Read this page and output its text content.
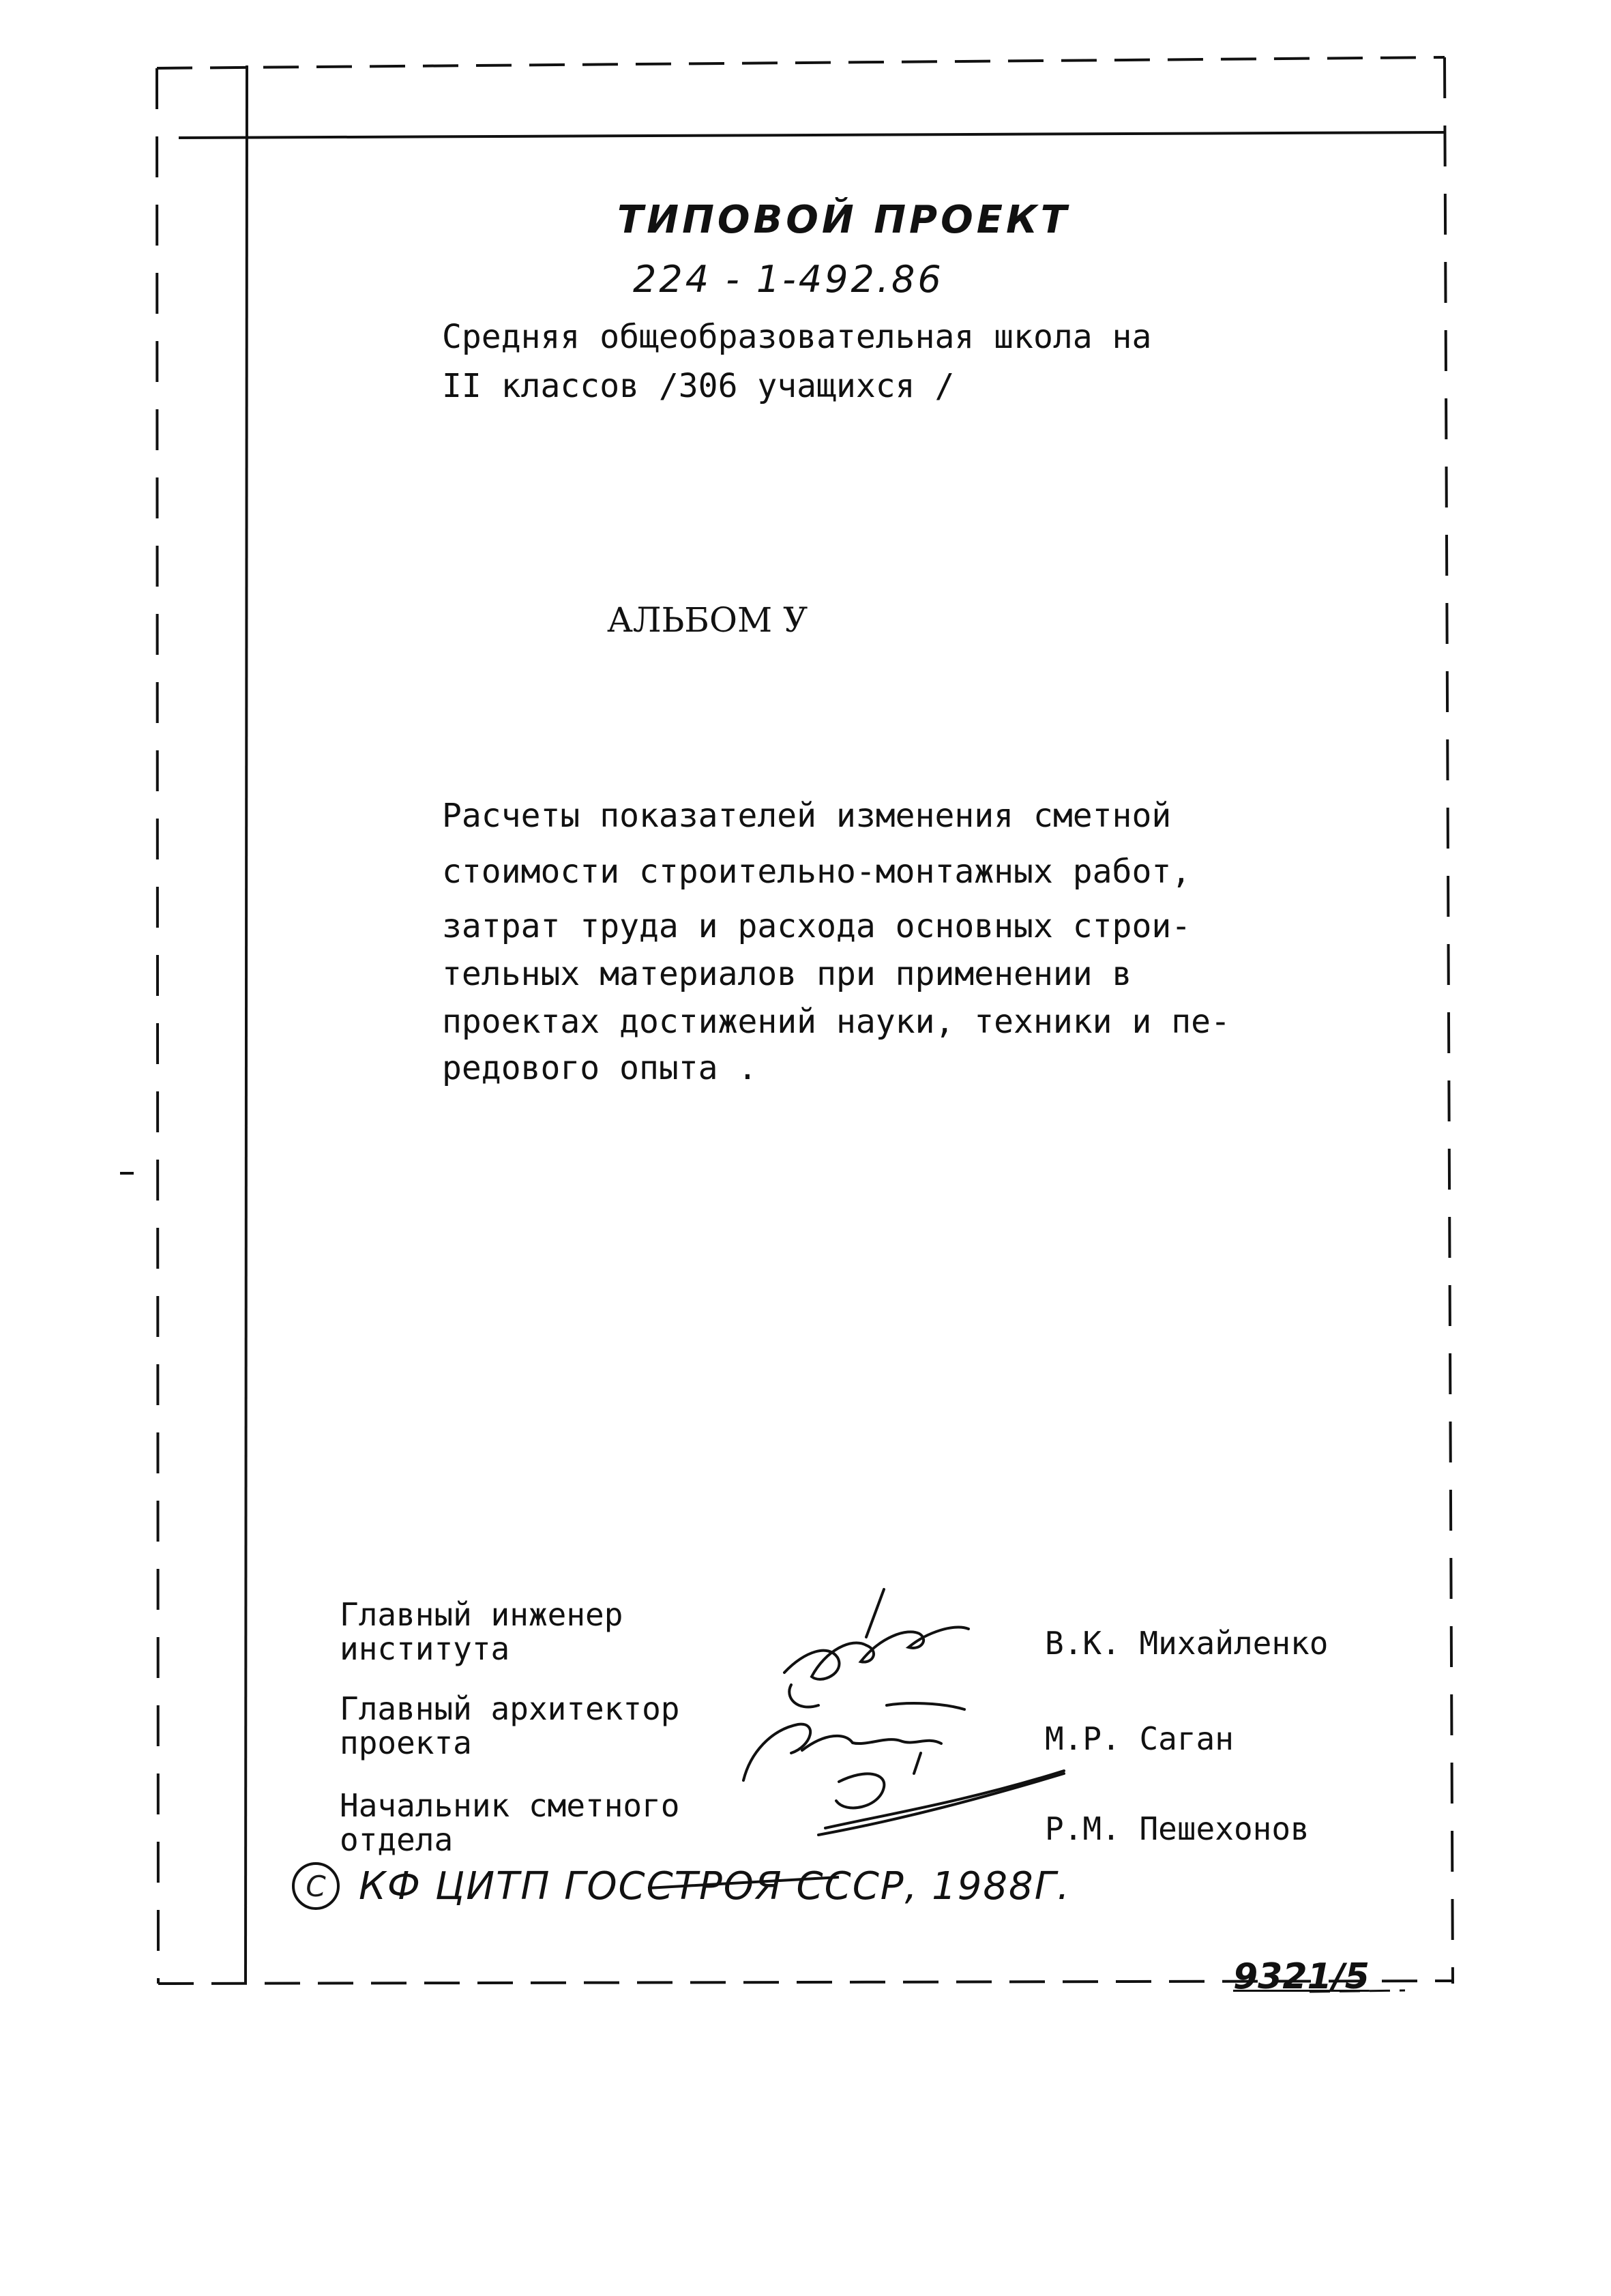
ТИПОВОЙ ПРОЕКТ
224 - 1-492.86
Средняя общеобразовательная школа на
II классов /306 учащихся /
АЛЬБОМ У
Расчеты показателей изменения сметной
стоимости строительно-монтажных работ,
затрат труда и расхода основных строи-
тельных материалов при применении в
проектах достижений науки, техники и пе-
редового опыта .
Главный инженер
института	В.К. Михайленко
Главный архитектор
проекта	М.Р. Саган
Начальник сметного
отдела	Р.М. Пешехонов
С КФ ЦИТП ГОССТРОЯ СССР, 1988Г.
9321/5
